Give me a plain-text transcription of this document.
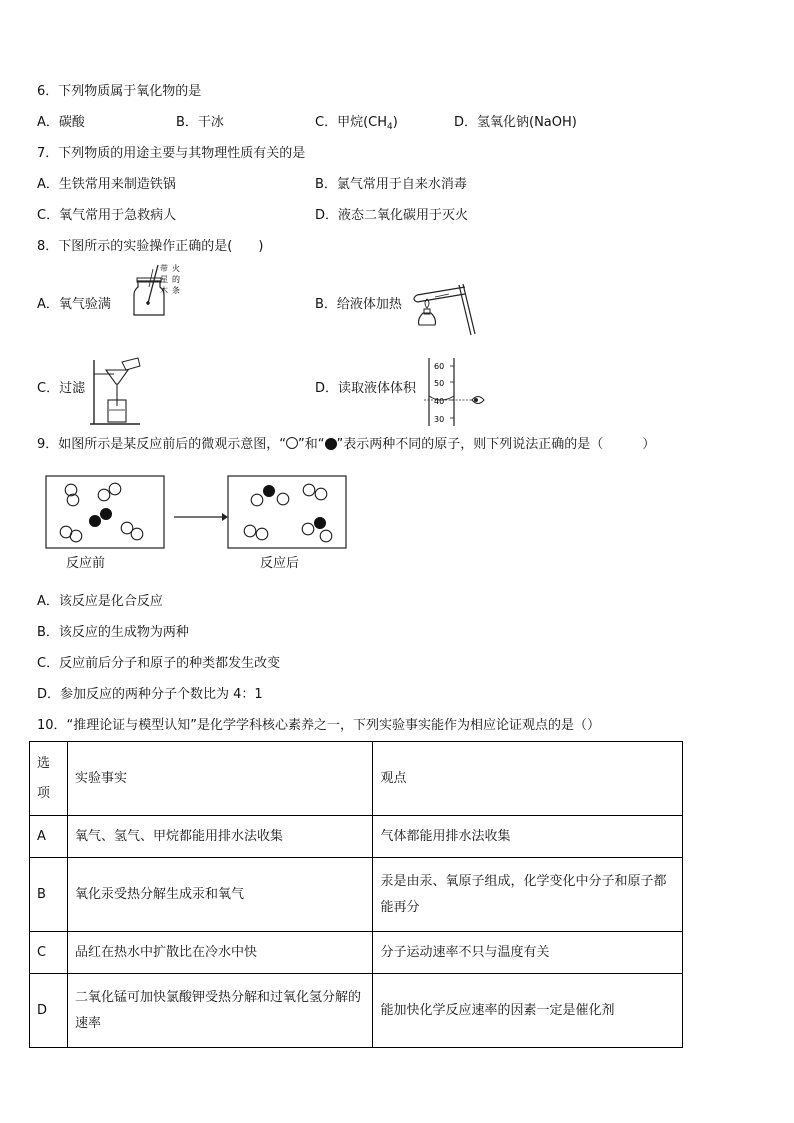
6．下列物质属于氧化物的是
A．碳酸	B．干冰	C．甲烷$(CH_4)$	D．氢氧化钠(NaOH)
7．下列物质的用途主要与其物理性质有关的是
A．生铁常用来制造铁锅	B．氯气常用于自来水消毒
C．氧气常用于急救病人	D．液态二氧化碳用于灭火
8．下图所示的实验操作正确的是(　　)
A．氧气验满
带 火
星 的
木 条
B．给液体加热
C．过滤	D．读取液体体积
60
50
40
30
9．如图所示是某反应前后的微观示意图，“ ”和“ ”表示两种不同的原子，则下列说法正确的是（　　　）
反应前	反应后
A．该反应是化合反应
B．该反应的生成物为两种
C．反应前后分子和原子的种类都发生改变
D．参加反应的两种分子个数比为 4：1
10．“推理论证与模型认知”是化学学科核心素养之一，下列实验事实能作为相应论证观点的是（）
选项	实验事实	观点
A	氧气、氢气、甲烷都能用排水法收集	气体都能用排水法收集
B	氧化汞受热分解生成汞和氧气	汞是由汞、氧原子组成，化学变化中分子和原子都能再分
C	品红在热水中扩散比在冷水中快	分子运动速率不只与温度有关
D	二氧化锰可加快氯酸钾受热分解和过氧化氢分解的速率	能加快化学反应速率的因素一定是催化剂
